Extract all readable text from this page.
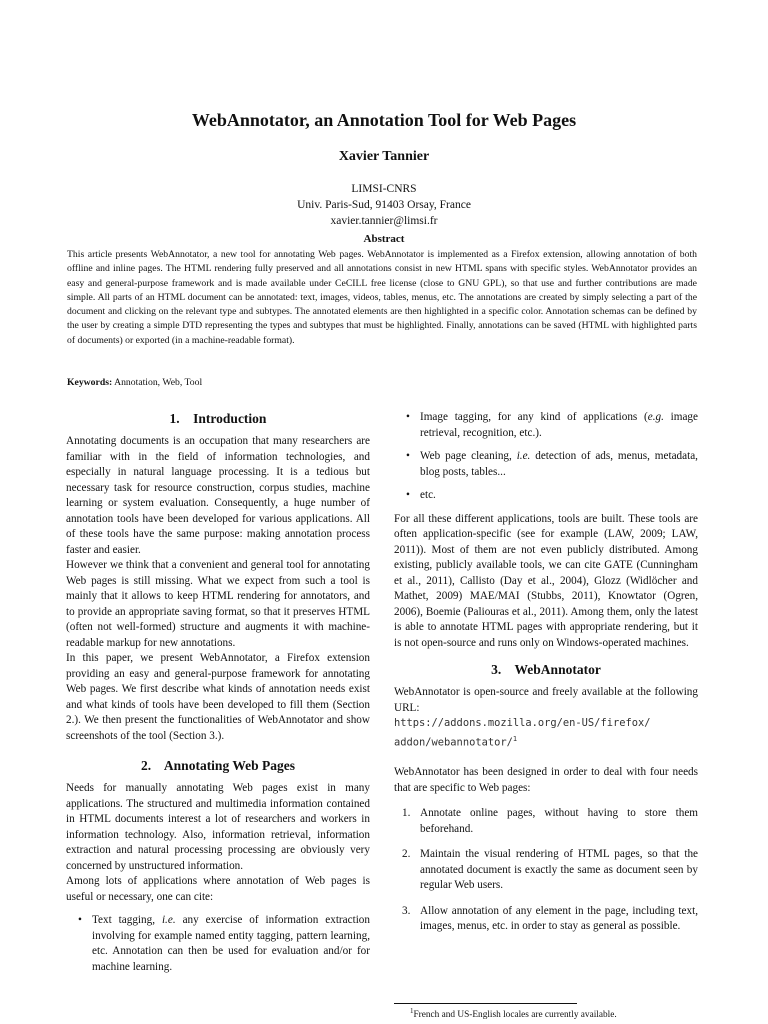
WebAnnotator, an Annotation Tool for Web Pages
Xavier Tannier
LIMSI-CNRS
Univ. Paris-Sud, 91403 Orsay, France
xavier.tannier@limsi.fr
Abstract

This article presents WebAnnotator, a new tool for annotating Web pages. WebAnnotator is implemented as a Firefox extension, allowing annotation of both offline and inline pages. The HTML rendering fully preserved and all annotations consist in new HTML spans with specific styles. WebAnnotator provides an easy and general-purpose framework and is made available under CeCILL free license (close to GNU GPL), so that use and further contributions are made simple. All parts of an HTML document can be annotated: text, images, videos, tables, menus, etc. The annotations are created by simply selecting a part of the document and clicking on the relevant type and subtypes. The annotated elements are then highlighted in a specific color. Annotation schemas can be defined by the user by creating a simple DTD representing the types and subtypes that must be highlighted. Finally, annotations can be saved (HTML with highlighted parts of documents) or exported (in a machine-readable format).

Keywords: Annotation, Web, Tool
1.    Introduction

Annotating documents is an occupation that many researchers are familiar with in the field of information technologies, and especially in natural language processing. It is a tedious but necessary task for resource construction, corpus studies, machine learning or system evaluation. Consequently, a huge number of annotation tools have been developed for various applications. All of these tools have the same purpose: making annotation process faster and easier.

However we think that a convenient and general tool for annotating Web pages is still missing. What we expect from such a tool is mainly that it allows to keep HTML rendering for annotators, and to provide an appropriate saving format, so that it preserves HTML (often not well-formed) structure and augments it with machine-readable markup for new annotations.

In this paper, we present WebAnnotator, a Firefox extension providing an easy and general-purpose framework for annotating Web pages. We first describe what kinds of annotation needs exist and what kinds of tools have been developed to fill them (Section 2.). We then present the functionalities of WebAnnotator and show screenshots of the tool (Section 3.).

2.    Annotating Web Pages

Needs for manually annotating Web pages exist in many applications. The structured and multimedia information contained in HTML documents interest a lot of researchers and workers in information technology. Also, information retrieval, information extraction and natural processing processing are obviously very concerned by unstructured information.

Among lots of applications where annotation of Web pages is useful or necessary, one can cite:

• Text tagging, i.e. any exercise of information extraction involving for example named entity tagging, pattern learning, etc. Annotation can then be used for evaluation and/or for machine learning.
• Image tagging, for any kind of applications (e.g. image retrieval, recognition, etc.).
• Web page cleaning, i.e. detection of ads, menus, metadata, blog posts, tables...
• etc.

For all these different applications, tools are built. These tools are often application-specific (see for example (LAW, 2009; LAW, 2011)). Most of them are not even publicly distributed. Among existing, publicly available tools, we can cite GATE (Cunningham et al., 2011), Callisto (Day et al., 2004), Glozz (Widlöcher and Mathet, 2009) MAE/MAI (Stubbs, 2011), Knowtator (Ogren, 2006), Boemie (Paliouras et al., 2011). Among them, only the latest is able to annotate HTML pages with appropriate rendering, but it is not open-source and runs only on Windows-operated machines.

3.    WebAnnotator

WebAnnotator is open-source and freely available at the following URL:

https://addons.mozilla.org/en-US/firefox/
addon/webannotator/$^1$

WebAnnotator has been designed in order to deal with four needs that are specific to Web pages:

1. Annotate online pages, without having to store them beforehand.
2. Maintain the visual rendering of HTML pages, so that the annotated document is exactly the same as document seen by regular Web users.
3. Allow annotation of any element in the page, including text, images, menus, etc. in order to stay as general as possible.
$^1$French and US-English locales are currently available.
